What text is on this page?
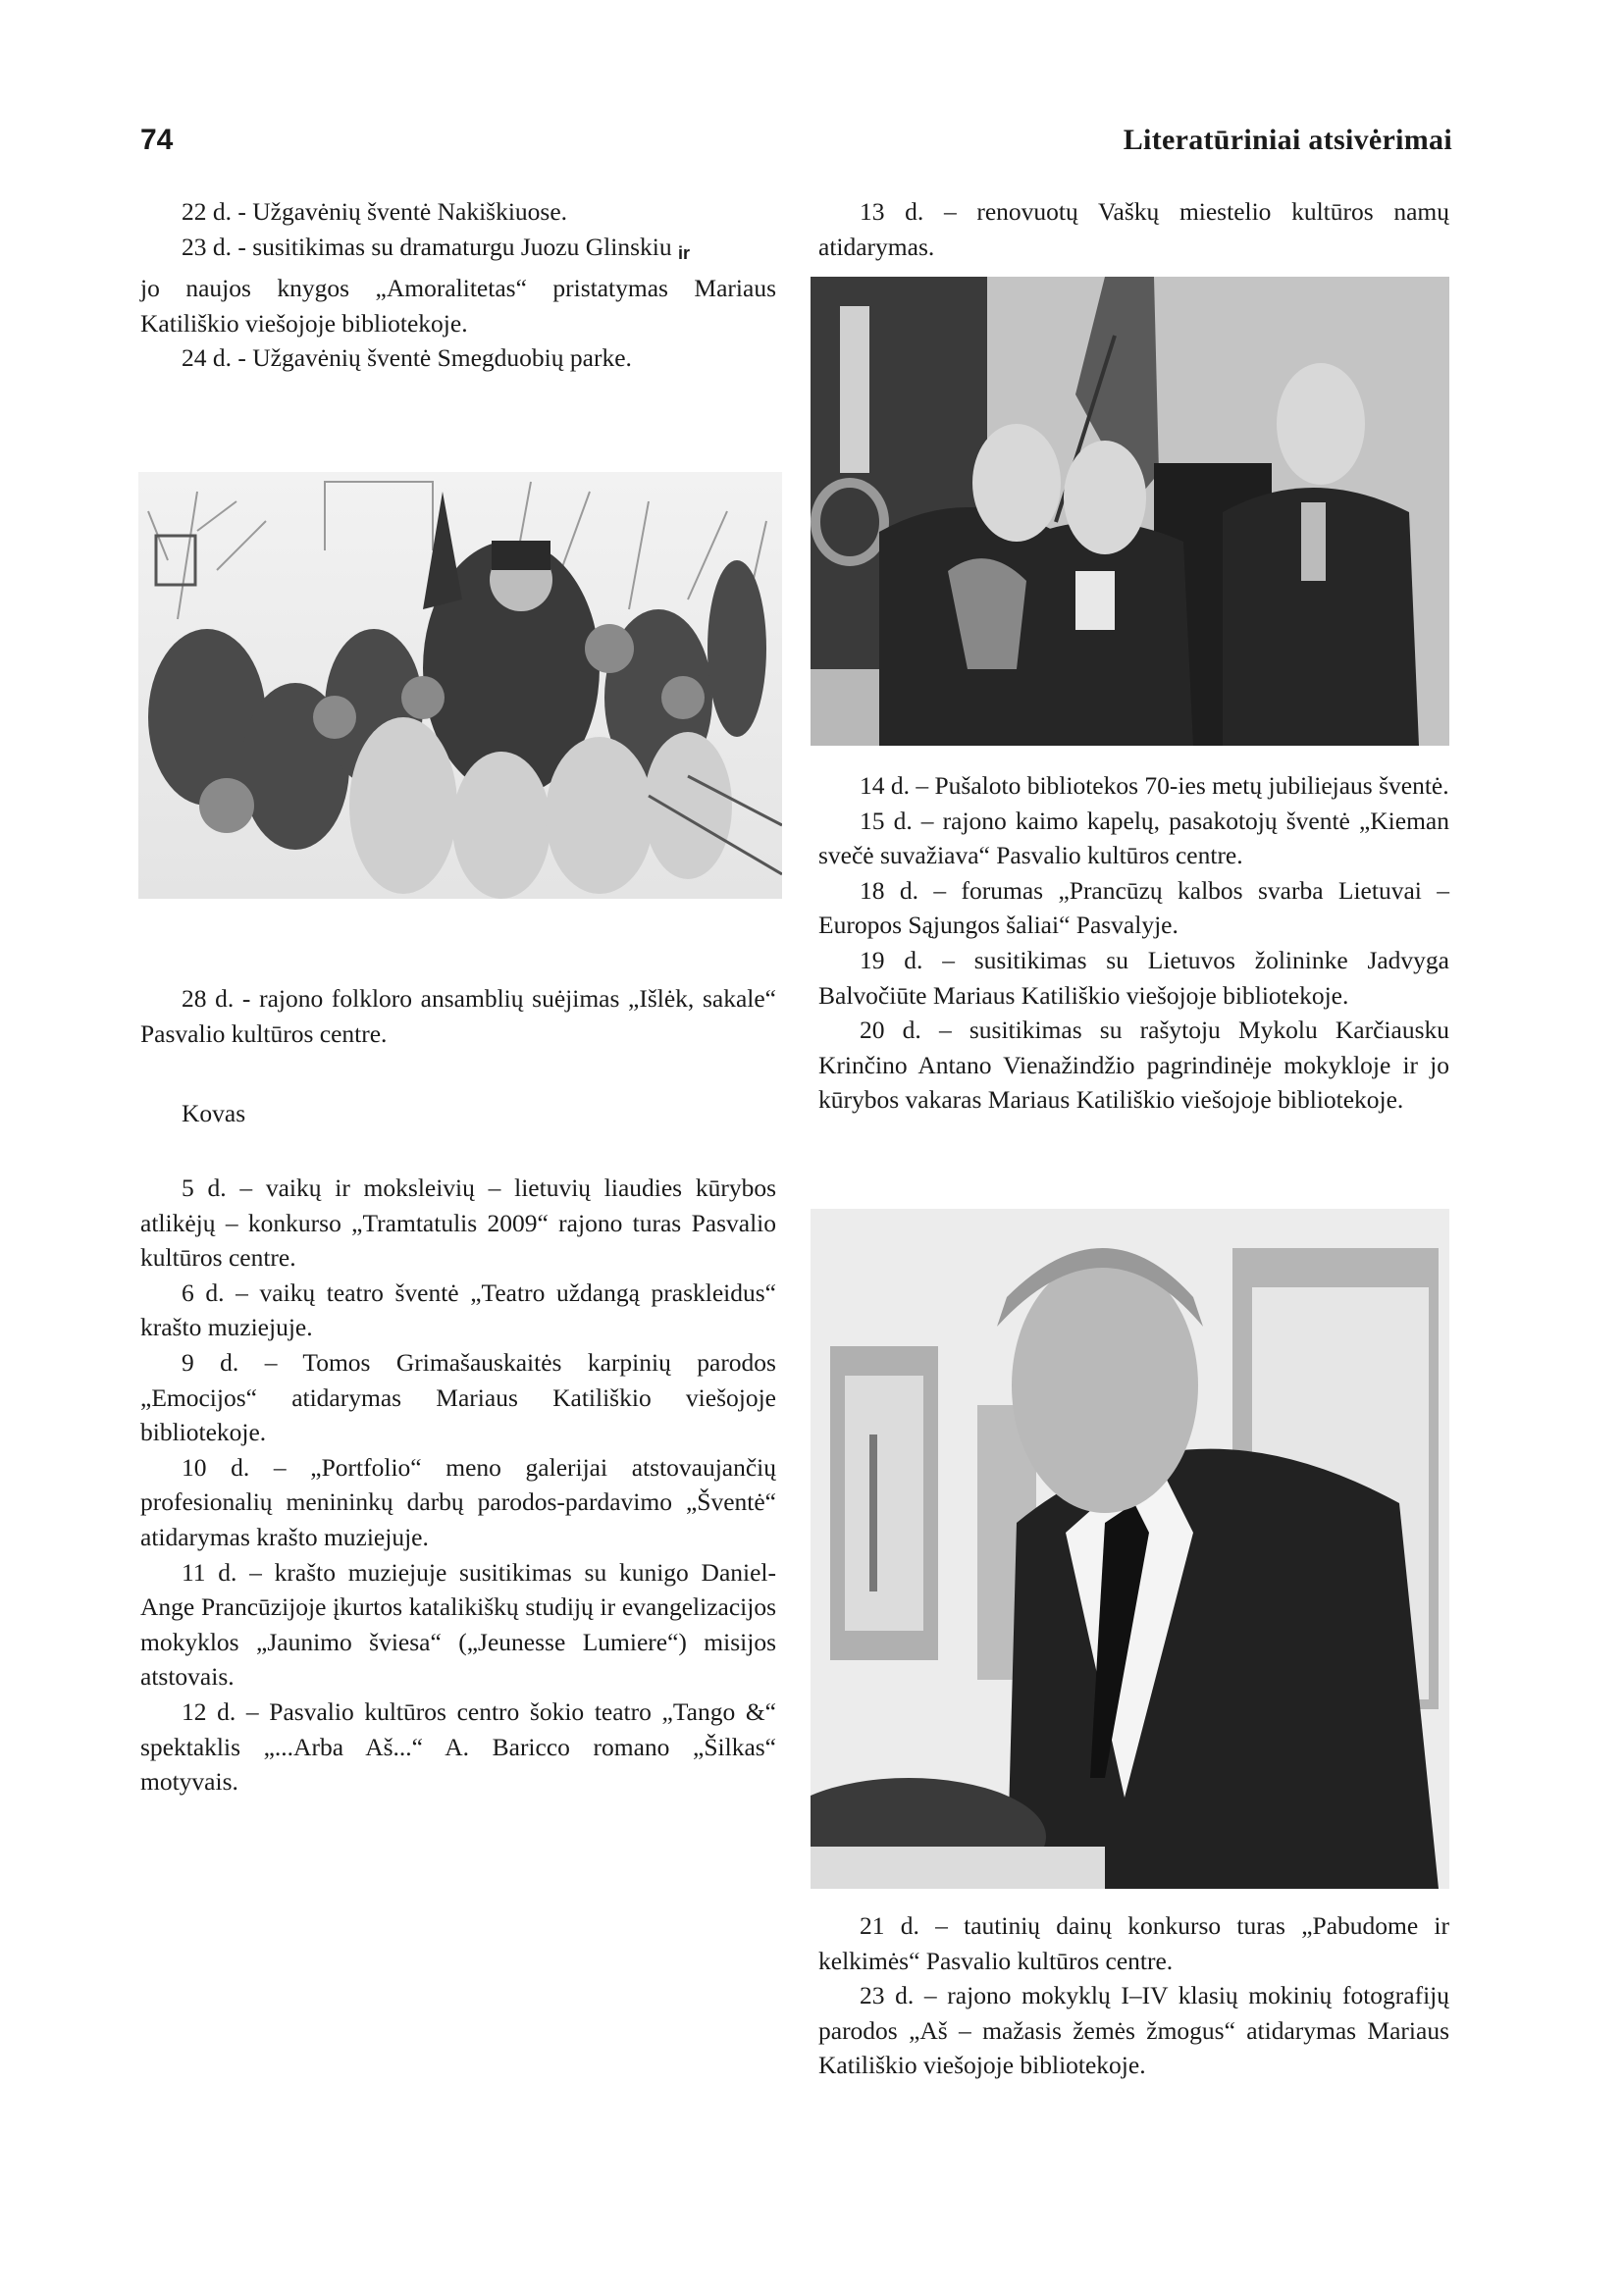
74	Literatūriniai atsivėrimai

22 d. - Užgavėnių šventė Nakiškiuose.

23 d. - susitikimas su dramaturgu Juozu Glinskiu ir

jo naujos knygos „Amoralitetas“ pristatymas Mariaus Katiliškio viešojoje bibliotekoje.

24 d. - Užgavėnių šventė Smegduobių parke.

28 d. - rajono folkloro ansamblių suėjimas „Išlėk, sakale“ Pasvalio kultūros centre.

Kovas

5 d. – vaikų ir moksleivių – lietuvių liaudies kūrybos atlikėjų – konkurso „Tramtatulis 2009“ rajono turas Pasvalio kultūros centre.

6 d. – vaikų teatro šventė „Teatro uždangą praskleidus“ krašto muziejuje.

9 d. – Tomos Grimašauskaitės karpinių parodos „Emocijos“ atidarymas Mariaus Katiliškio viešojoje bibliotekoje.

10 d. – „Portfolio“ meno galerijai atstovaujančių profesionalių menininkų darbų parodos-pardavimo „Šventė“ atidarymas krašto muziejuje.

11 d. – krašto muziejuje susitikimas su kunigo Daniel-Ange Prancūzijoje įkurtos katalikiškų studijų ir evangelizacijos mokyklos „Jaunimo šviesa“ („Jeunesse Lumiere“) misijos atstovais.

12 d. – Pasvalio kultūros centro šokio teatro „Tango &“ spektaklis „...Arba Aš...“ A. Baricco romano „Šilkas“ motyvais.

13 d. – renovuotų Vaškų miestelio kultūros namų atidarymas.

14 d. – Pušaloto bibliotekos 70-ies metų jubiliejaus šventė.

15 d. – rajono kaimo kapelų, pasakotojų šventė „Kieman svečė suvažiava“ Pasvalio kultūros centre.

18 d. – forumas „Prancūzų kalbos svarba Lietuvai – Europos Sąjungos šaliai“ Pasvalyje.

19 d. – susitikimas su Lietuvos žolininke Jadvyga Balvočiūte Mariaus Katiliškio viešojoje bibliotekoje.

20 d. – susitikimas su rašytoju Mykolu Karčiausku Krinčino Antano Vienažindžio pagrindinėje mokykloje ir jo kūrybos vakaras Mariaus Katiliškio viešojoje bibliotekoje.

21 d. – tautinių dainų konkurso turas „Pabudome ir kelkimės“ Pasvalio kultūros centre.

23 d. – rajono mokyklų I–IV klasių mokinių fotografijų parodos „Aš – mažasis žemės žmogus“ atidarymas Mariaus Katiliškio viešojoje bibliotekoje.
